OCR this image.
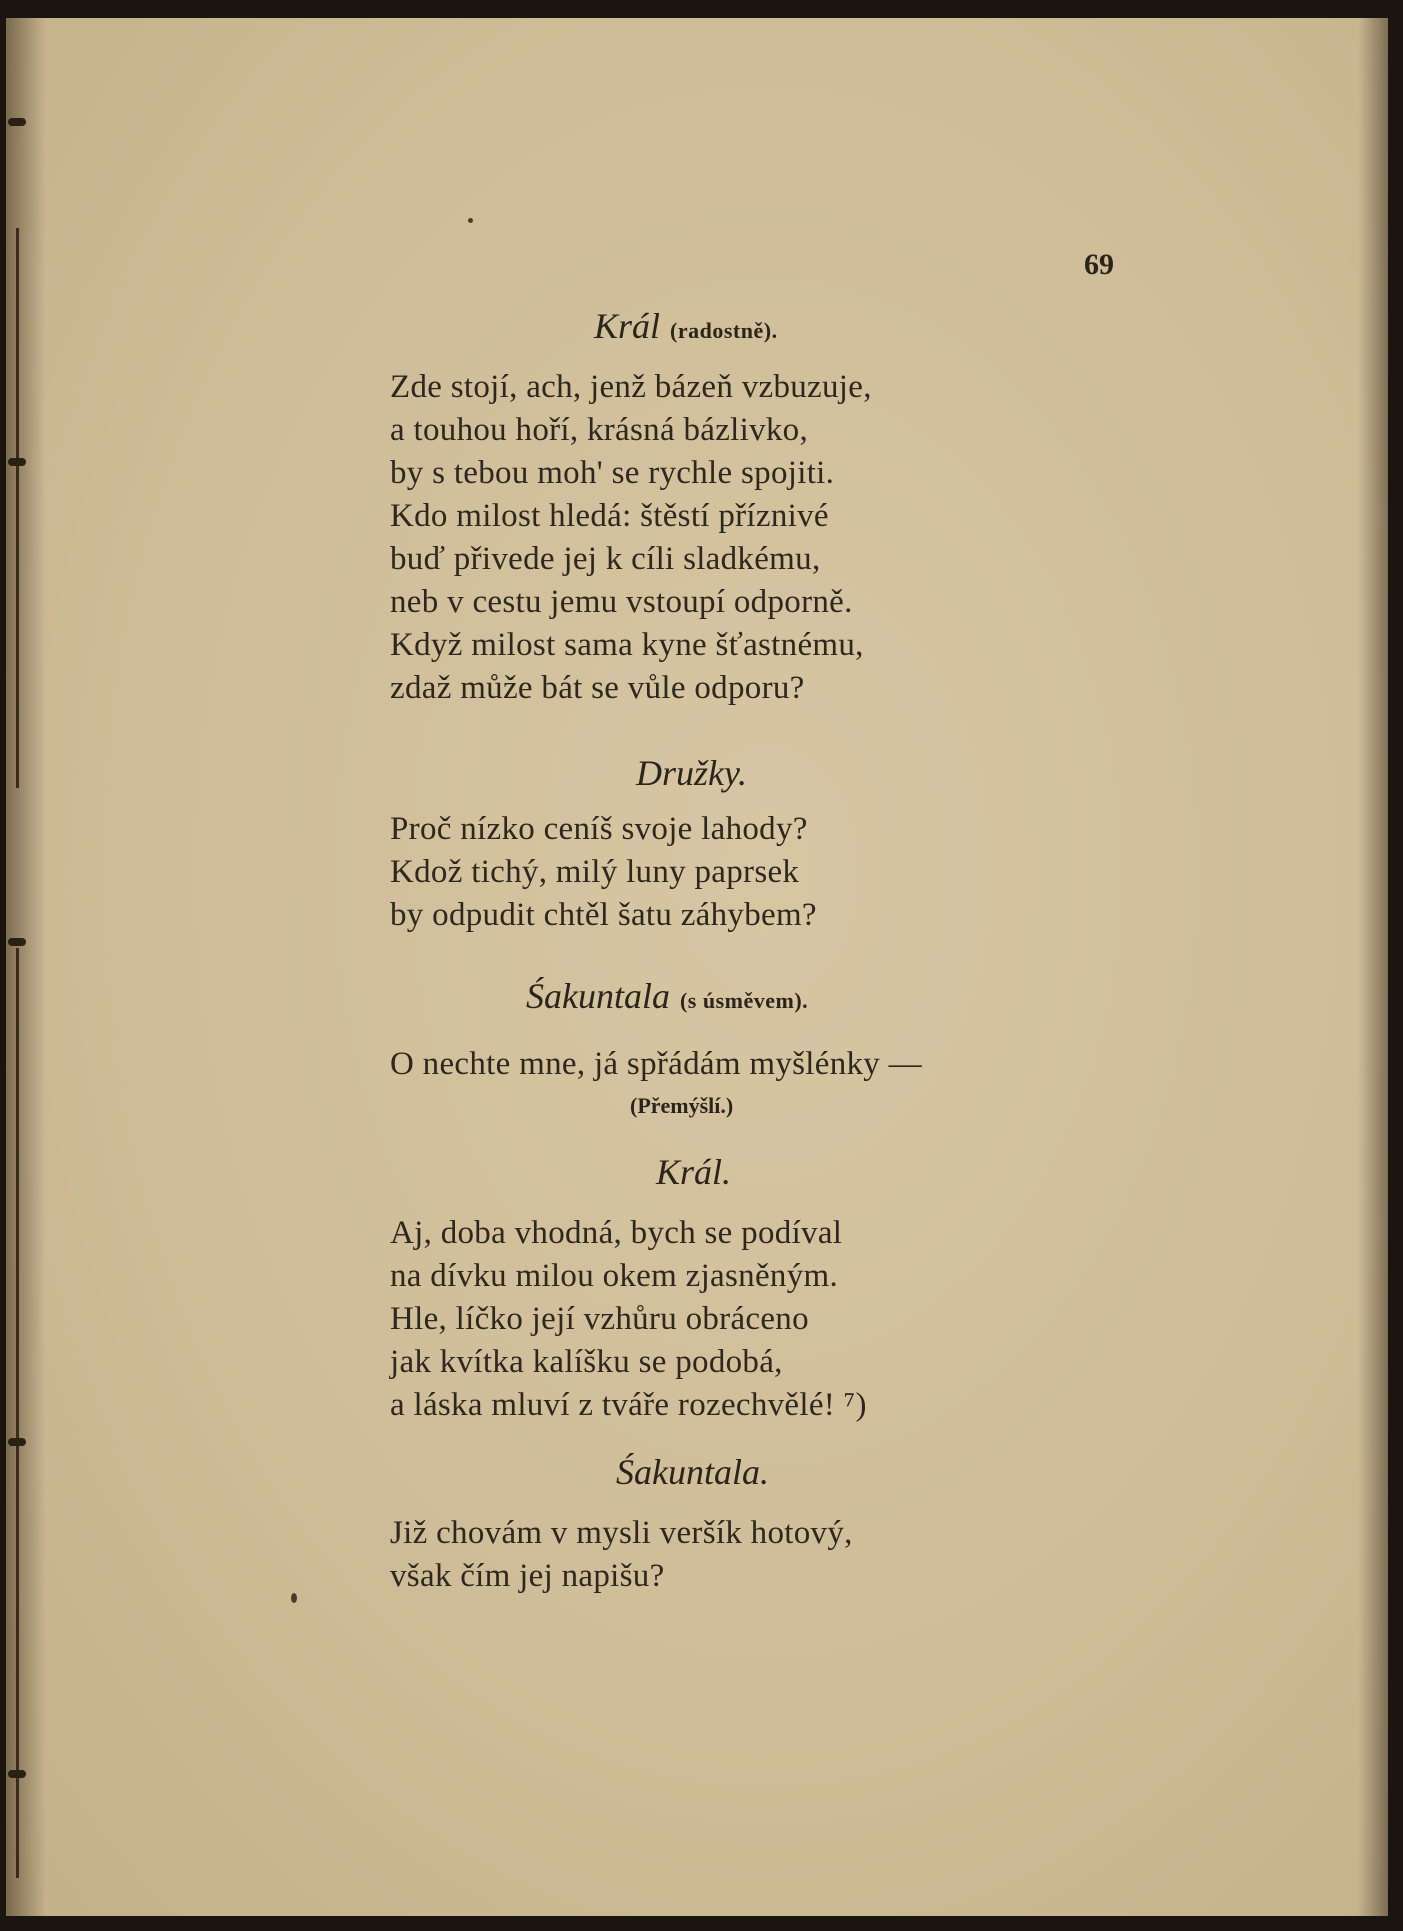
69

Král (radostně).
Zde stojí, ach, jenž bázeň vzbuzuje,
a touhou hoří, krásná bázlivko,
by s tebou moh' se rychle spojiti.
Kdo milost hledá: štěstí příznivé
buď přivede jej k cíli sladkému,
neb v cestu jemu vstoupí odporně.
Když milost sama kyne šťastnému,
zdaž může bát se vůle odporu?
Družky.
Proč nízko ceníš svoje lahody?
Kdož tichý, milý luny paprsek
by odpudit chtěl šatu záhybem?
Śakuntala (s úsměvem).
O nechte mne, já spřádám myšlénky —
(Přemýšlí.)
Král.
Aj, doba vhodná, bych se podíval
na dívku milou okem zjasněným.
Hle, líčko její vzhůru obráceno
jak kvítka kalíšku se podobá,
a láska mluví z tváře rozechvělé! ⁷)
Śakuntala.
Již chovám v mysli veršík hotový,
však čím jej napišu?
